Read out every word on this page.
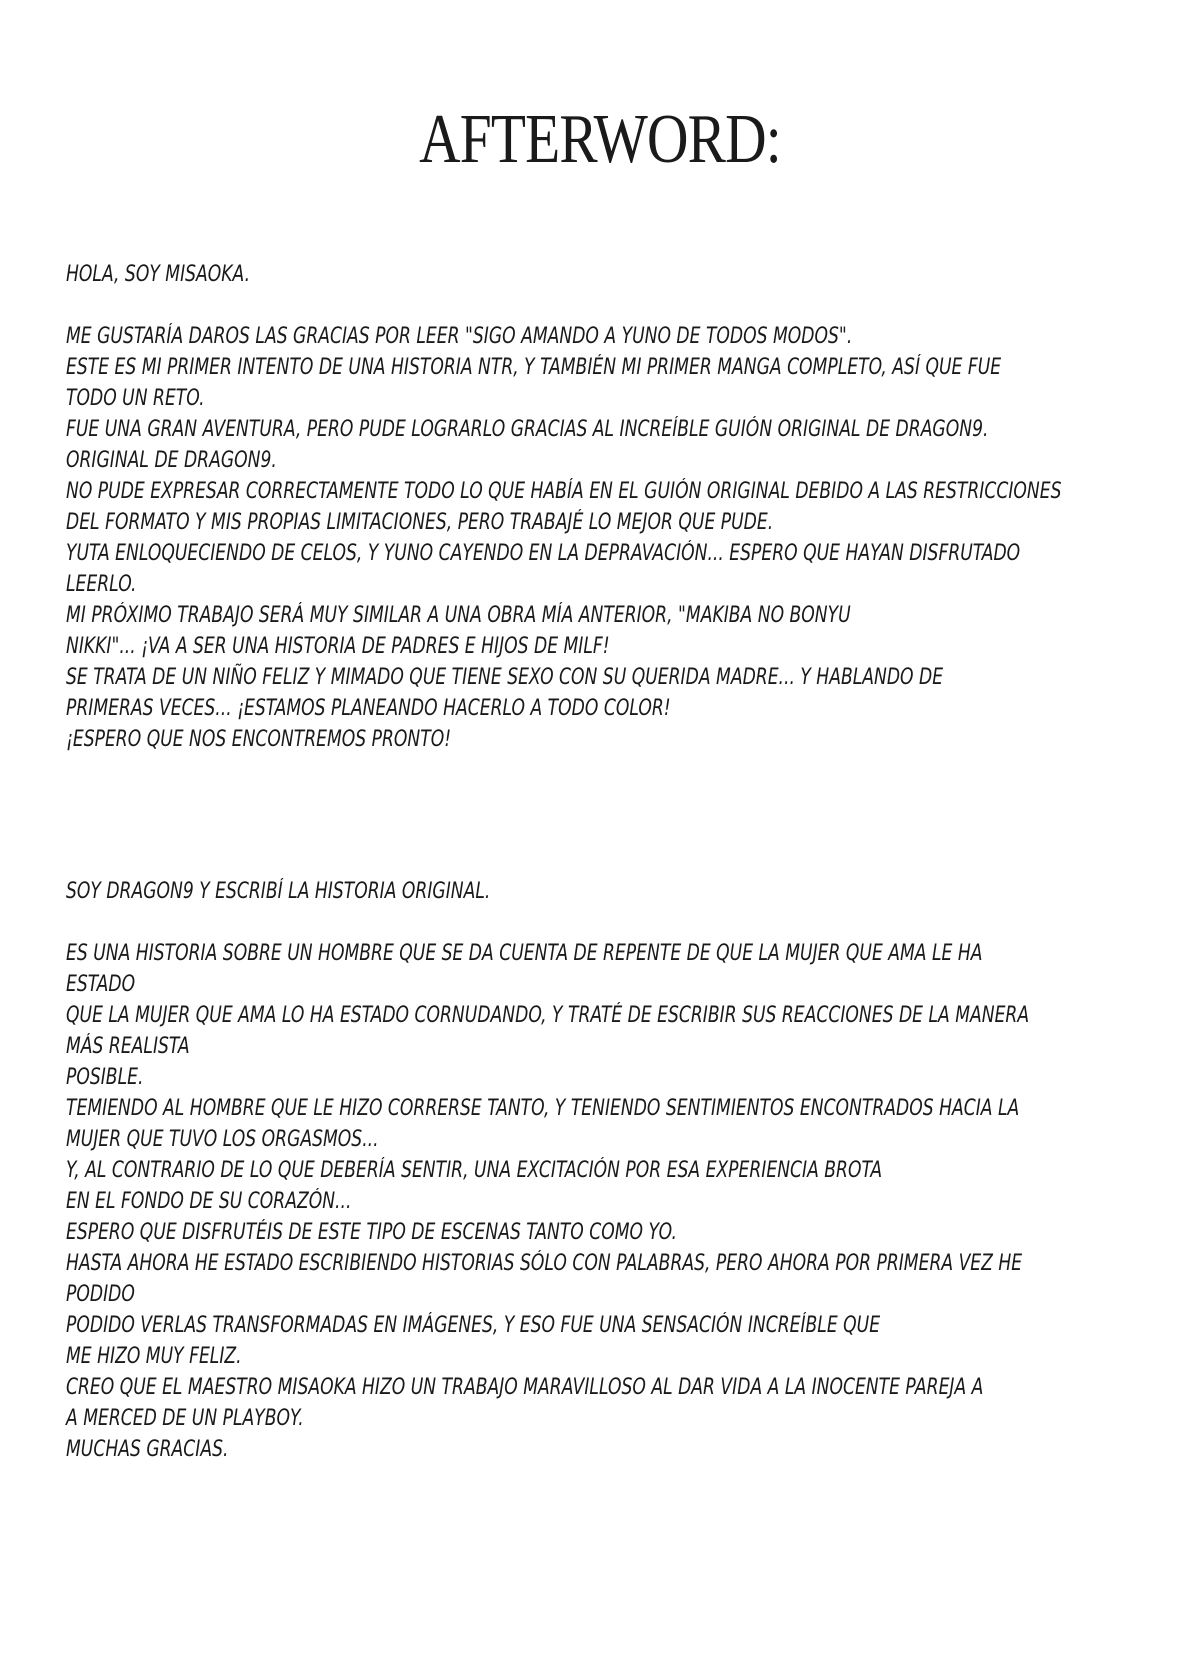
AFTERWORD:
HOLA, SOY MISAOKA.
ME GUSTARÍA DAROS LAS GRACIAS POR LEER "SIGO AMANDO A YUNO DE TODOS MODOS".
ESTE ES MI PRIMER INTENTO DE UNA HISTORIA NTR, Y TAMBIÉN MI PRIMER MANGA COMPLETO, ASÍ QUE FUE
TODO UN RETO.
FUE UNA GRAN AVENTURA, PERO PUDE LOGRARLO GRACIAS AL INCREÍBLE GUIÓN ORIGINAL DE DRAGON9.
ORIGINAL DE DRAGON9.
NO PUDE EXPRESAR CORRECTAMENTE TODO LO QUE HABÍA EN EL GUIÓN ORIGINAL DEBIDO A LAS RESTRICCIONES
DEL FORMATO Y MIS PROPIAS LIMITACIONES, PERO TRABAJÉ LO MEJOR QUE PUDE.
YUTA ENLOQUECIENDO DE CELOS, Y YUNO CAYENDO EN LA DEPRAVACIÓN... ESPERO QUE HAYAN DISFRUTADO
LEERLO.
MI PRÓXIMO TRABAJO SERÁ MUY SIMILAR A UNA OBRA MÍA ANTERIOR, "MAKIBA NO BONYU
NIKKI"... ¡VA A SER UNA HISTORIA DE PADRES E HIJOS DE MILF!
SE TRATA DE UN NIÑO FELIZ Y MIMADO QUE TIENE SEXO CON SU QUERIDA MADRE... Y HABLANDO DE
PRIMERAS VECES... ¡ESTAMOS PLANEANDO HACERLO A TODO COLOR!
¡ESPERO QUE NOS ENCONTREMOS PRONTO!
SOY DRAGON9 Y ESCRIBÍ LA HISTORIA ORIGINAL.
ES UNA HISTORIA SOBRE UN HOMBRE QUE SE DA CUENTA DE REPENTE DE QUE LA MUJER QUE AMA LE HA
ESTADO
QUE LA MUJER QUE AMA LO HA ESTADO CORNUDANDO, Y TRATÉ DE ESCRIBIR SUS REACCIONES DE LA MANERA
MÁS REALISTA
POSIBLE.
TEMIENDO AL HOMBRE QUE LE HIZO CORRERSE TANTO, Y TENIENDO SENTIMIENTOS ENCONTRADOS HACIA LA
MUJER QUE TUVO LOS ORGASMOS...
Y, AL CONTRARIO DE LO QUE DEBERÍA SENTIR, UNA EXCITACIÓN POR ESA EXPERIENCIA BROTA
EN EL FONDO DE SU CORAZÓN...
ESPERO QUE DISFRUTÉIS DE ESTE TIPO DE ESCENAS TANTO COMO YO.
HASTA AHORA HE ESTADO ESCRIBIENDO HISTORIAS SÓLO CON PALABRAS, PERO AHORA POR PRIMERA VEZ HE
PODIDO
PODIDO VERLAS TRANSFORMADAS EN IMÁGENES, Y ESO FUE UNA SENSACIÓN INCREÍBLE QUE
ME HIZO MUY FELIZ.
CREO QUE EL MAESTRO MISAOKA HIZO UN TRABAJO MARAVILLOSO AL DAR VIDA A LA INOCENTE PAREJA A
A MERCED DE UN PLAYBOY.
MUCHAS GRACIAS.
